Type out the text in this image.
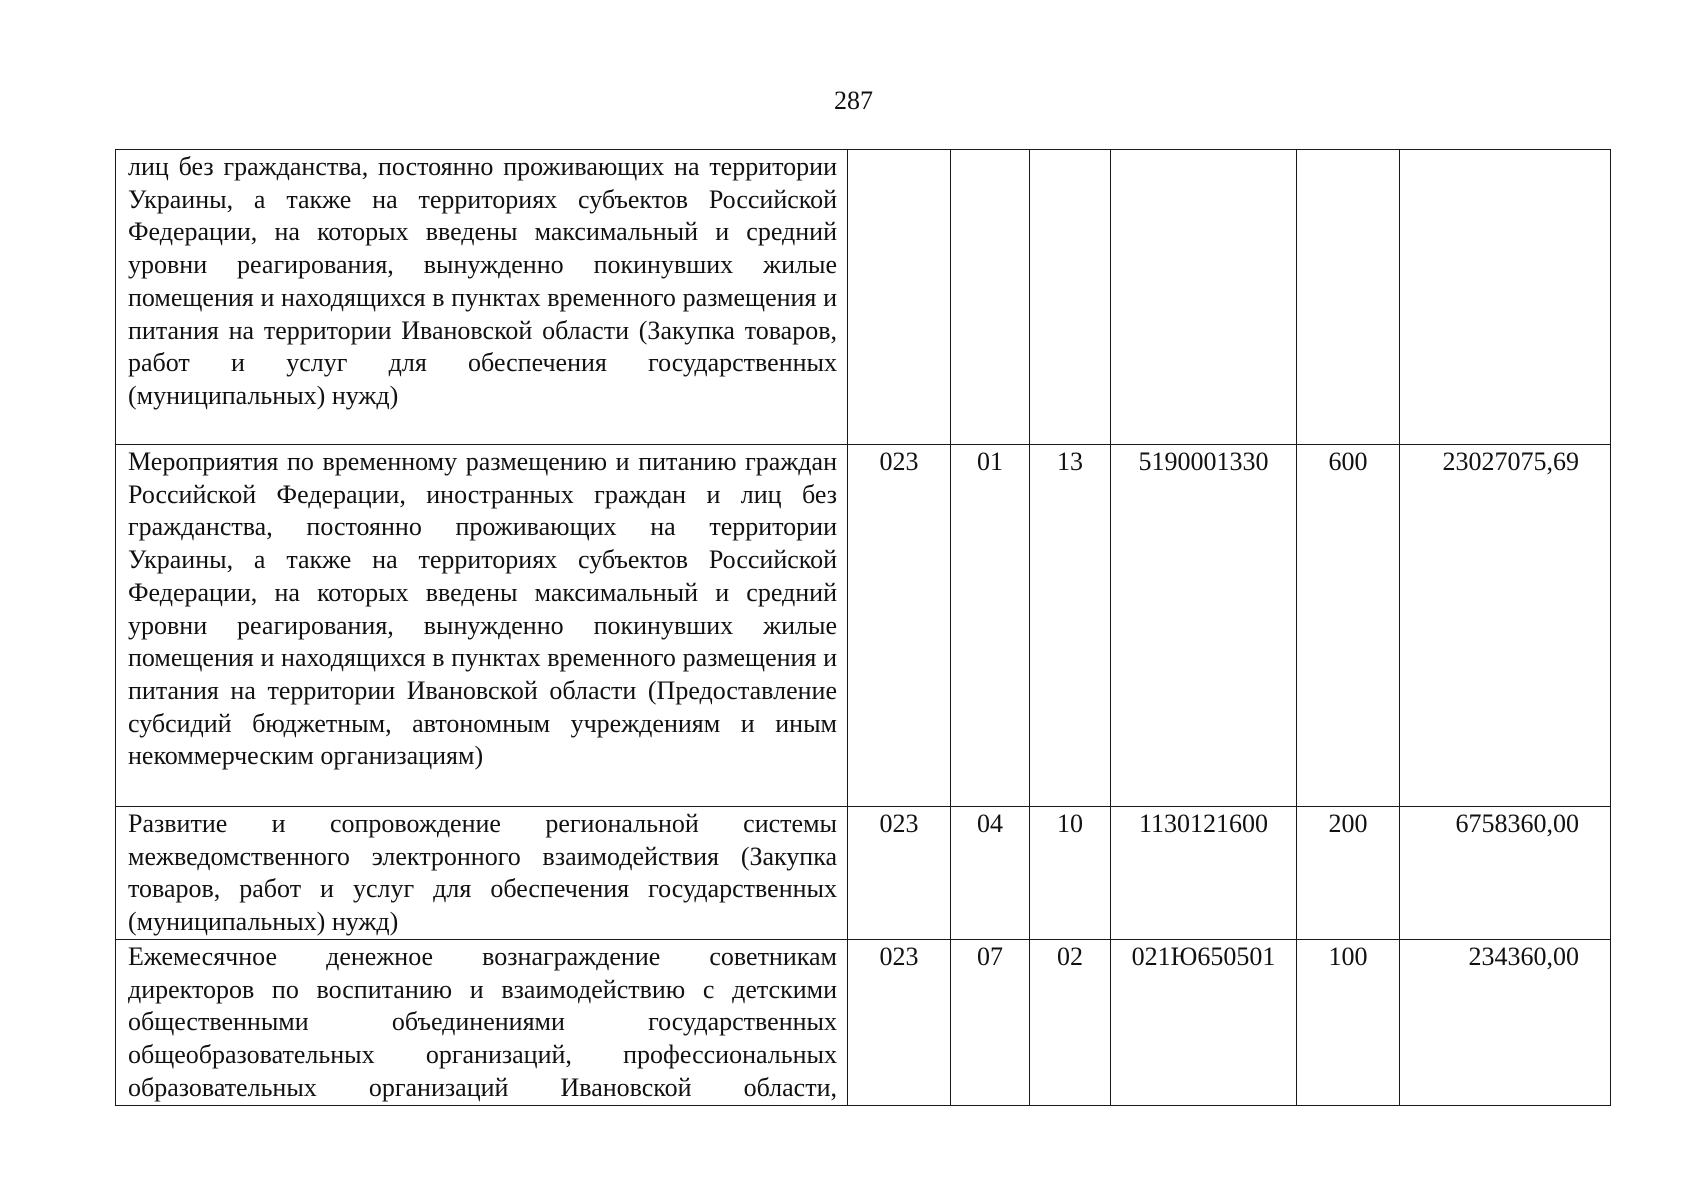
287
лиц без гражданства, постоянно проживающих на территории Украины, а также на территориях субъектов Российской Федерации, на которых введены максимальный и средний уровни реагирования, вынужденно покинувших жилые помещения и находящихся в пунктах временного размещения и питания на территории Ивановской области (Закупка товаров, работ и услуг для обеспечения государственных (муниципальных) нужд)						

Мероприятия по временному размещению и питанию граждан Российской Федерации, иностранных граждан и лиц без гражданства, постоянно проживающих на территории Украины, а также на территориях субъектов Российской Федерации, на которых введены максимальный и средний уровни реагирования, вынужденно покинувших жилые помещения и находящихся в пунктах временного размещения и питания на территории Ивановской области (Предоставление субсидий бюджетным, автономным учреждениям и иным некоммерческим организациям)	023	01	13	5190001330	600	23027075,69

Развитие и сопровождение региональной системы межведомственного электронного взаимодействия (Закупка товаров, работ и услуг для обеспечения государственных (муниципальных) нужд)	023	04	10	1130121600	200	6758360,00

Ежемесячное денежное вознаграждение советникам директоров по воспитанию и взаимодействию с детскими общественными объединениями государственных общеобразовательных организаций, профессиональных образовательных организаций Ивановской области,	023	07	02	021Ю650501	100	234360,00
